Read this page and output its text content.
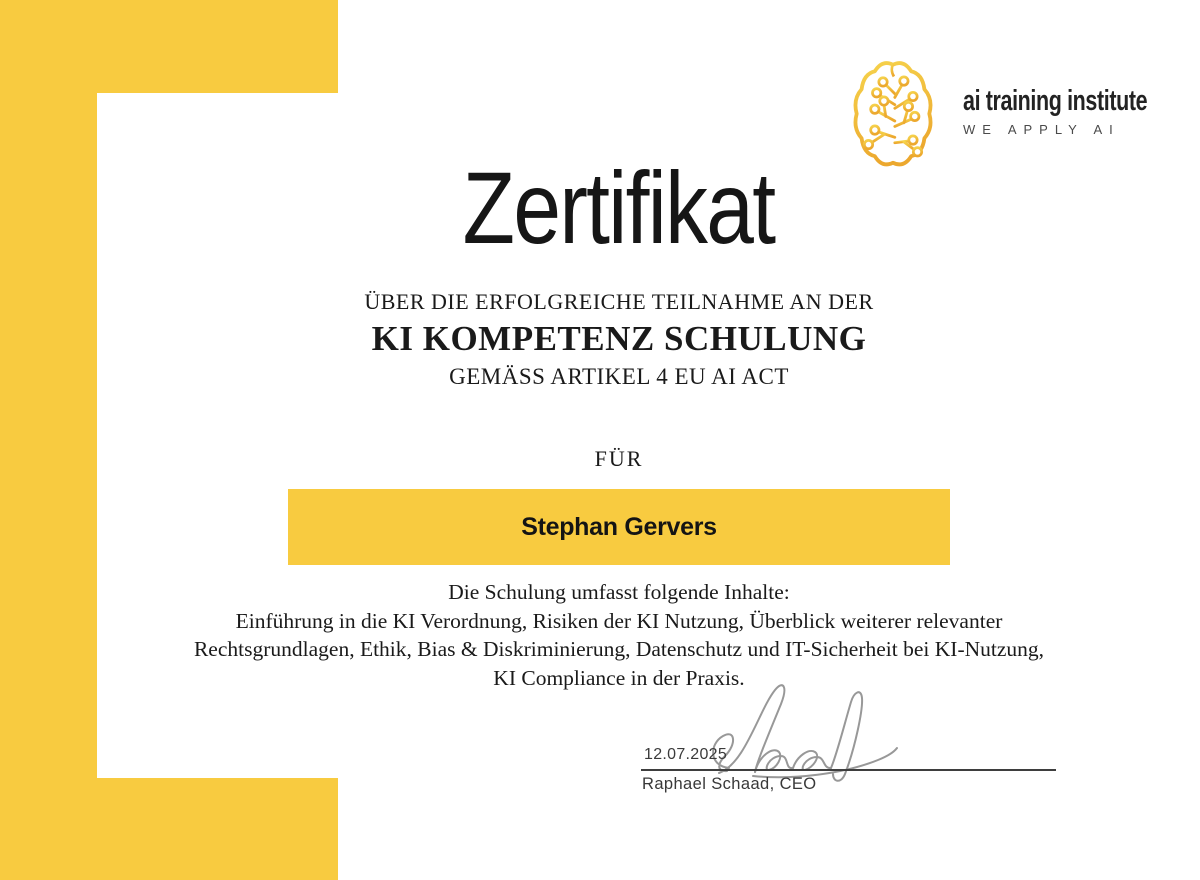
ai training institute
WE APPLY AI
Zertifikat
ÜBER DIE ERFOLGREICHE TEILNAHME AN DER
KI KOMPETENZ SCHULUNG
GEMÄSS ARTIKEL 4 EU AI ACT
FÜR
Stephan Gervers
Die Schulung umfasst folgende Inhalte:
Einführung in die KI Verordnung, Risiken der KI Nutzung, Überblick weiterer relevanter
Rechtsgrundlagen, Ethik, Bias & Diskriminierung, Datenschutz und IT-Sicherheit bei KI-Nutzung,
KI Compliance in der Praxis.
12.07.2025
Raphael Schaad, CEO
